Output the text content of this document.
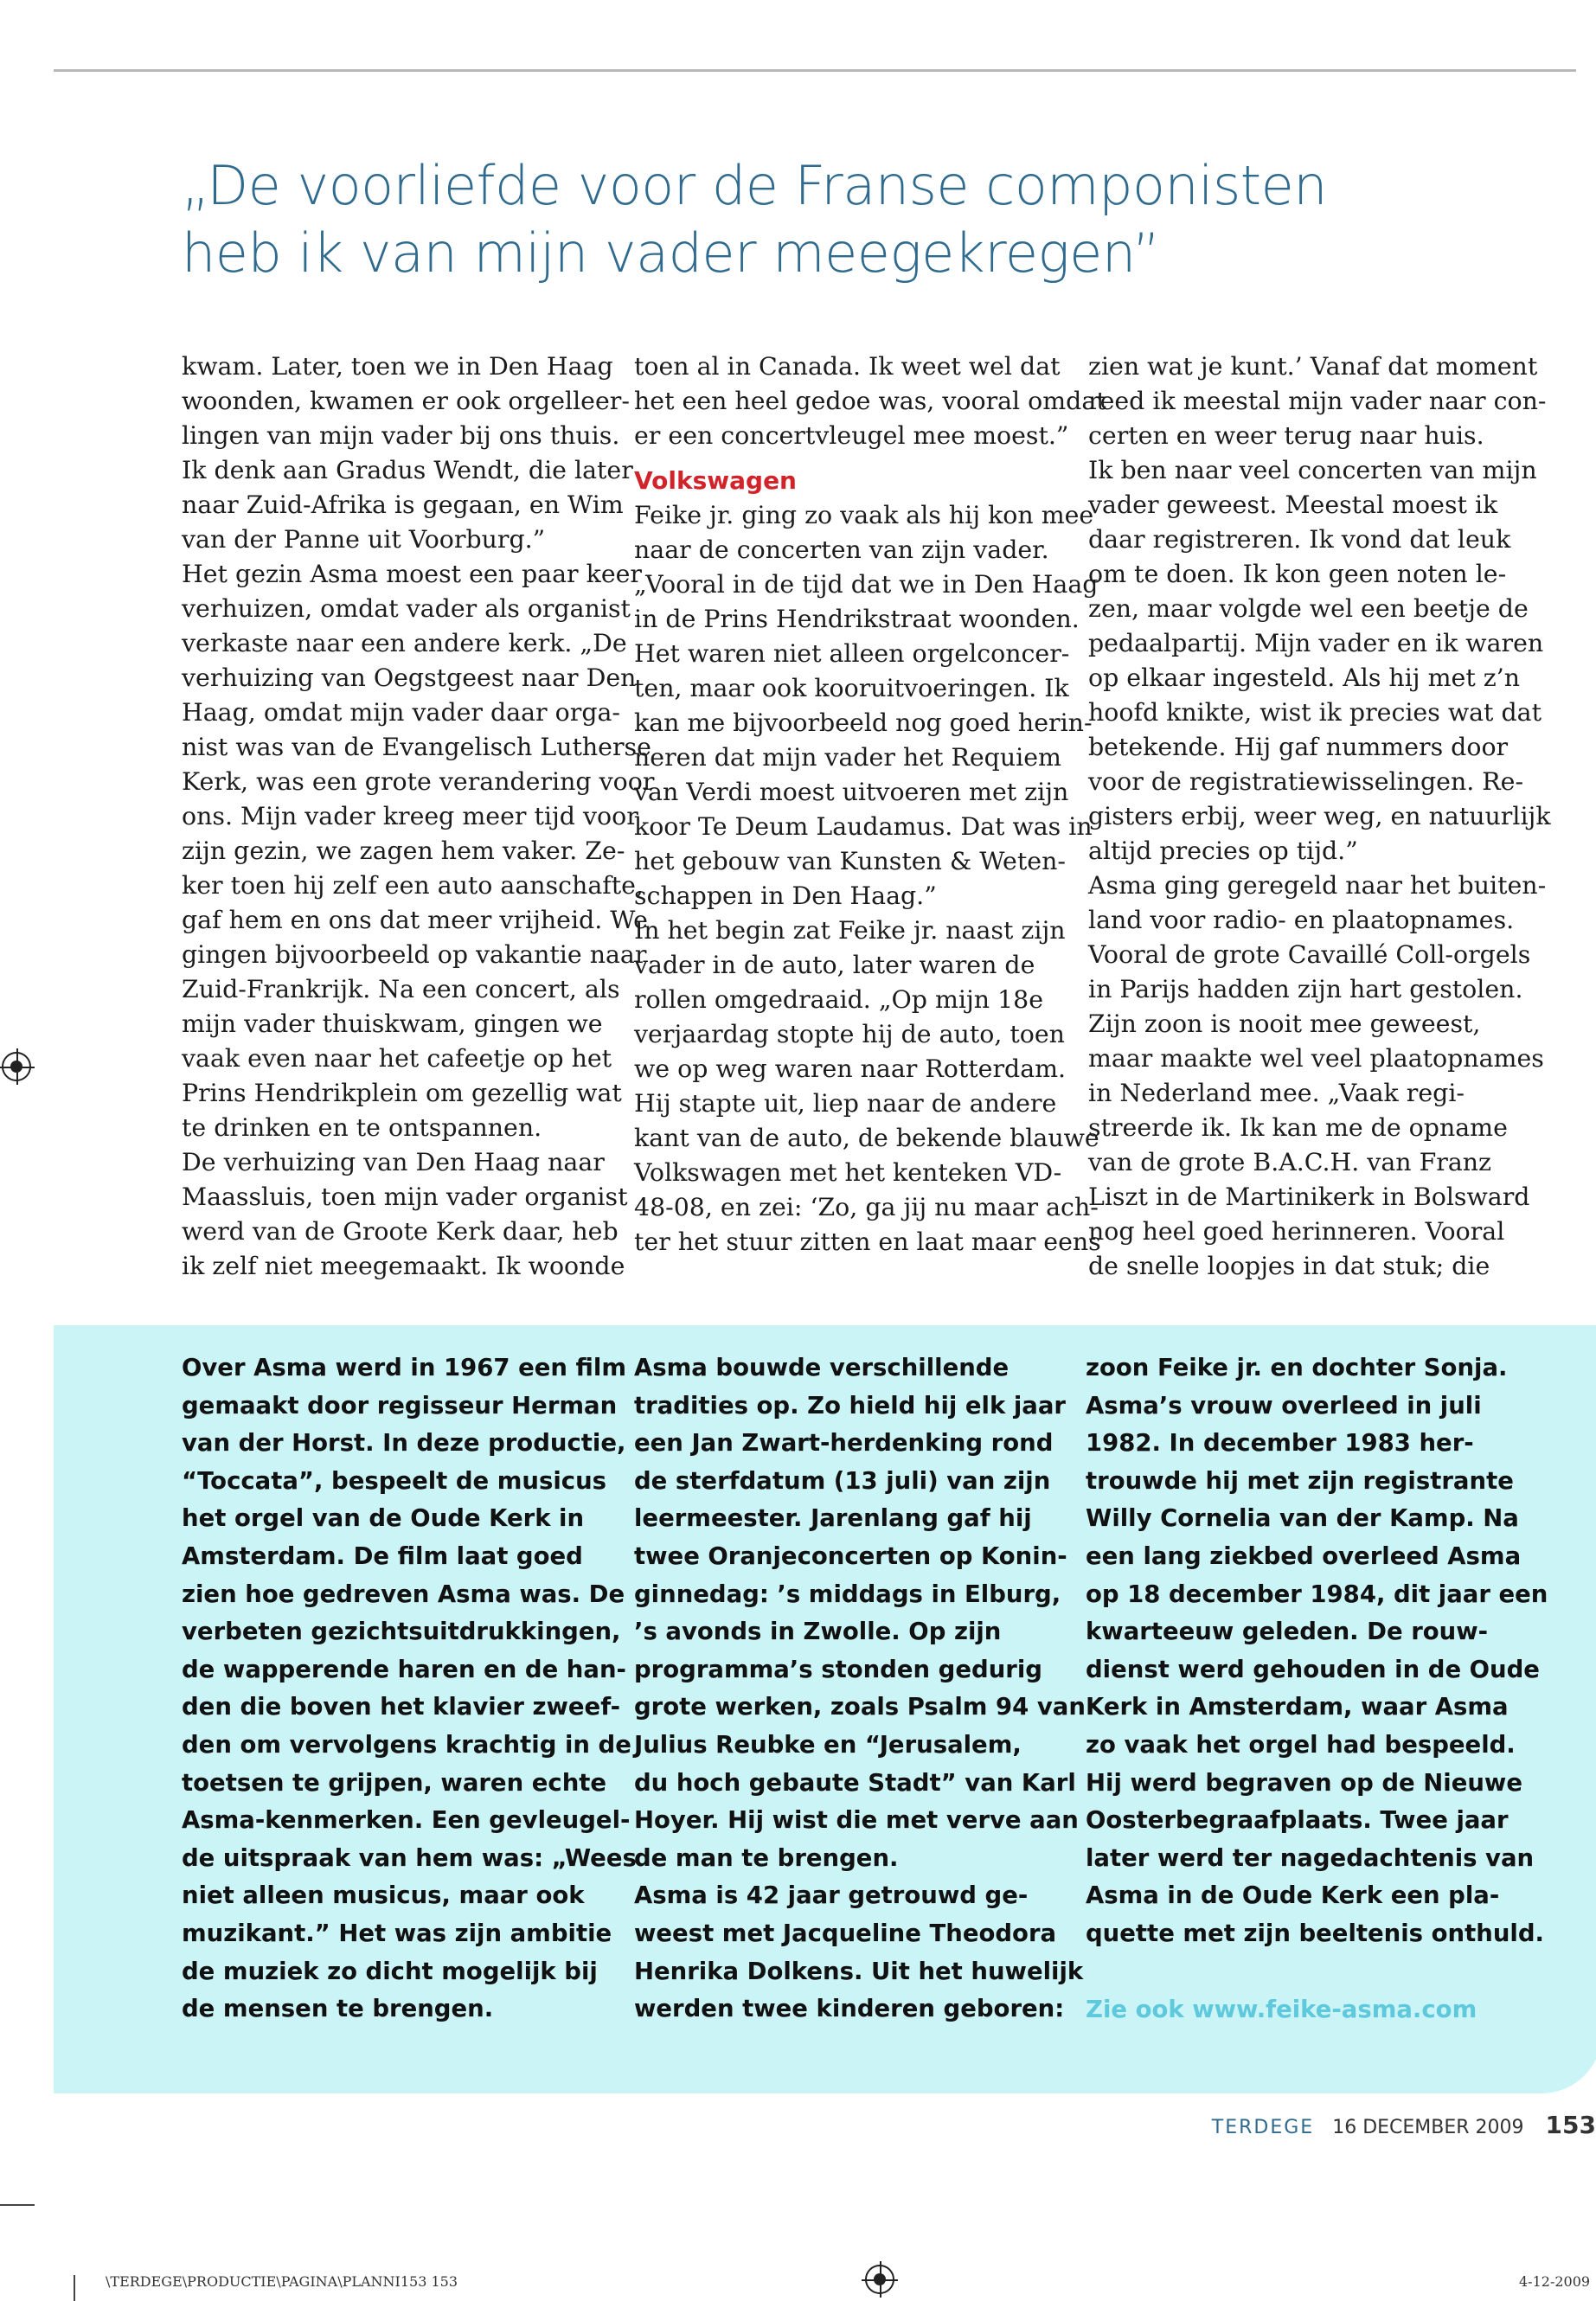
„De voorliefde voor de Franse componisten
heb ik van mijn vader meegekregen”
kwam. Later, toen we in Den Haag
woonden, kwamen er ook orgelleer-
lingen van mijn vader bij ons thuis.
Ik denk aan Gradus Wendt, die later
naar Zuid-Afrika is gegaan, en Wim
van der Panne uit Voorburg.”
Het gezin Asma moest een paar keer
verhuizen, omdat vader als organist
verkaste naar een andere kerk. „De
verhuizing van Oegstgeest naar Den
Haag, omdat mijn vader daar orga-
nist was van de Evangelisch Lutherse
Kerk, was een grote verandering voor
ons. Mijn vader kreeg meer tijd voor
zijn gezin, we zagen hem vaker. Ze-
ker toen hij zelf een auto aanschafte,
gaf hem en ons dat meer vrijheid. We
gingen bijvoorbeeld op vakantie naar
Zuid-Frankrijk. Na een concert, als
mijn vader thuiskwam, gingen we
vaak even naar het cafeetje op het
Prins Hendrikplein om gezellig wat
te drinken en te ontspannen.
De verhuizing van Den Haag naar
Maassluis, toen mijn vader organist
werd van de Groote Kerk daar, heb
ik zelf niet meegemaakt. Ik woonde
toen al in Canada. Ik weet wel dat
het een heel gedoe was, vooral omdat
er een concertvleugel mee moest.”
Volkswagen
Feike jr. ging zo vaak als hij kon mee
naar de concerten van zijn vader.
„Vooral in de tijd dat we in Den Haag
in de Prins Hendrikstraat woonden.
Het waren niet alleen orgelconcer-
ten, maar ook kooruitvoeringen. Ik
kan me bijvoorbeeld nog goed herin-
neren dat mijn vader het Requiem
van Verdi moest uitvoeren met zijn
koor Te Deum Laudamus. Dat was in
het gebouw van Kunsten & Weten-
schappen in Den Haag.”
In het begin zat Feike jr. naast zijn
vader in de auto, later waren de
rollen omgedraaid. „Op mijn 18e
verjaardag stopte hij de auto, toen
we op weg waren naar Rotterdam.
Hij stapte uit, liep naar de andere
kant van de auto, de bekende blauwe
Volkswagen met het kenteken VD-
48-08, en zei: ‘Zo, ga jij nu maar ach-
ter het stuur zitten en laat maar eens
zien wat je kunt.’ Vanaf dat moment
reed ik meestal mijn vader naar con-
certen en weer terug naar huis.
Ik ben naar veel concerten van mijn
vader geweest. Meestal moest ik
daar registreren. Ik vond dat leuk
om te doen. Ik kon geen noten le-
zen, maar volgde wel een beetje de
pedaalpartij. Mijn vader en ik waren
op elkaar ingesteld. Als hij met z’n
hoofd knikte, wist ik precies wat dat
betekende. Hij gaf nummers door
voor de registratiewisselingen. Re-
gisters erbij, weer weg, en natuurlijk
altijd precies op tijd.”
Asma ging geregeld naar het buiten-
land voor radio- en plaatopnames.
Vooral de grote Cavaillé Coll-orgels
in Parijs hadden zijn hart gestolen.
Zijn zoon is nooit mee geweest,
maar maakte wel veel plaatopnames
in Nederland mee. „Vaak regi-
streerde ik. Ik kan me de opname
van de grote B.A.C.H. van Franz
Liszt in de Martinikerk in Bolsward
nog heel goed herinneren. Vooral
de snelle loopjes in dat stuk; die
Over Asma werd in 1967 een film
gemaakt door regisseur Herman
van der Horst. In deze productie,
“Toccata”, bespeelt de musicus
het orgel van de Oude Kerk in
Amsterdam. De film laat goed
zien hoe gedreven Asma was. De
verbeten gezichtsuitdrukkingen,
de wapperende haren en de han-
den die boven het klavier zweef-
den om vervolgens krachtig in de
toetsen te grijpen, waren echte
Asma-kenmerken. Een gevleugel-
de uitspraak van hem was: „Wees
niet alleen musicus, maar ook
muzikant.” Het was zijn ambitie
de muziek zo dicht mogelijk bij
de mensen te brengen.
Asma bouwde verschillende
tradities op. Zo hield hij elk jaar
een Jan Zwart-herdenking rond
de sterfdatum (13 juli) van zijn
leermeester. Jarenlang gaf hij
twee Oranjeconcerten op Konin-
ginnedag: ’s middags in Elburg,
’s avonds in Zwolle. Op zijn
programma’s stonden gedurig
grote werken, zoals Psalm 94 van
Julius Reubke en “Jerusalem,
du hoch gebaute Stadt” van Karl
Hoyer. Hij wist die met verve aan
de man te brengen.
Asma is 42 jaar getrouwd ge-
weest met Jacqueline Theodora
Henrika Dolkens. Uit het huwelijk
werden twee kinderen geboren:
zoon Feike jr. en dochter Sonja.
Asma’s vrouw overleed in juli
1982. In december 1983 her-
trouwde hij met zijn registrante
Willy Cornelia van der Kamp. Na
een lang ziekbed overleed Asma
op 18 december 1984, dit jaar een
kwarteeuw geleden. De rouw-
dienst werd gehouden in de Oude
Kerk in Amsterdam, waar Asma
zo vaak het orgel had bespeeld.
Hij werd begraven op de Nieuwe
Oosterbegraafplaats. Twee jaar
later werd ter nagedachtenis van
Asma in de Oude Kerk een pla-
quette met zijn beeltenis onthuld.
Zie ook www.feike-asma.com
TERDEGE 16 DECEMBER 2009 153
\TERDEGE\PRODUCTIE\PAGINA\PLANNI153 153	4-12-2009
